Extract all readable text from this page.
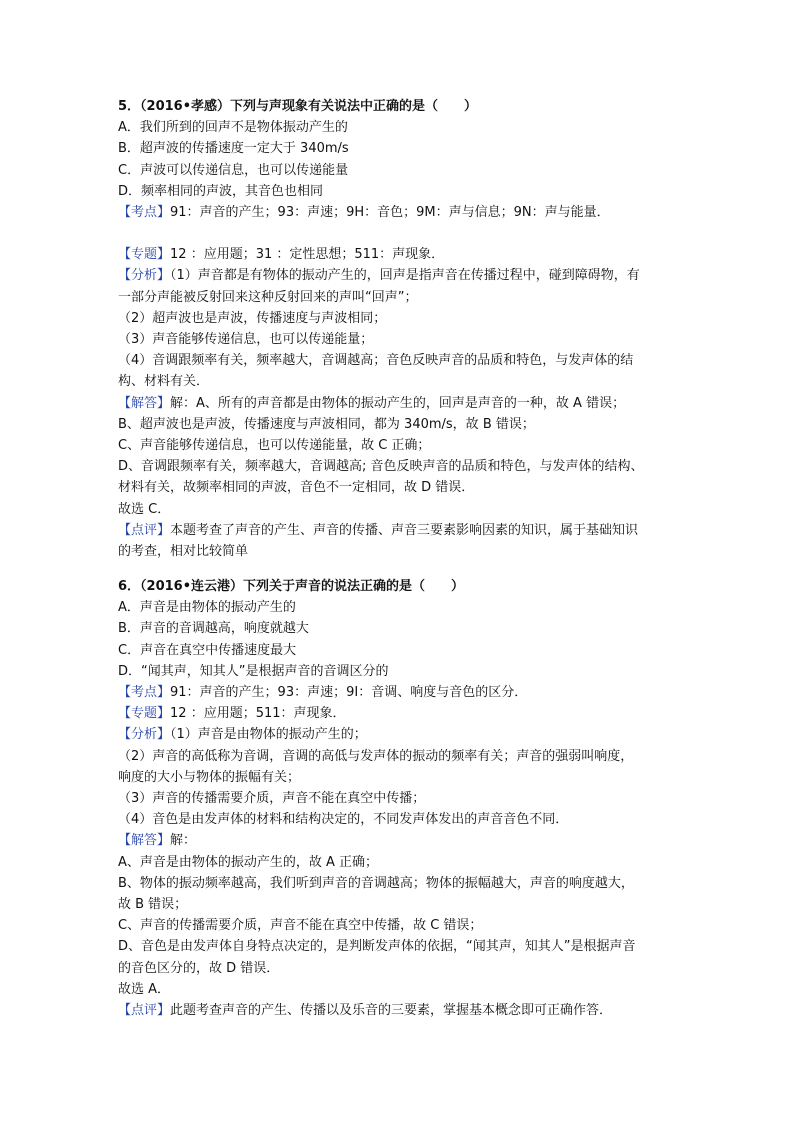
5．（2016•孝感）下列与声现象有关说法中正确的是（　　）

A．我们所到的回声不是物体振动产生的

B．超声波的传播速度一定大于 340m/s

C．声波可以传递信息，也可以传递能量

D．频率相同的声波，其音色也相同

【考点】91：声音的产生；93：声速；9H：音色；9M：声与信息；9N：声与能量．

【专题】12 ：应用题；31 ：定性思想；511：声现象．

【分析】（1）声音都是有物体的振动产生的，回声是指声音在传播过程中，碰到障碍物，有

一部分声能被反射回来这种反射回来的声叫“回声”；

（2）超声波也是声波，传播速度与声波相同；

（3）声音能够传递信息，也可以传递能量；

（4）音调跟频率有关，频率越大，音调越高；音色反映声音的品质和特色，与发声体的结

构、材料有关．

【解答】解：A、所有的声音都是由物体的振动产生的，回声是声音的一种，故 A 错误；

B、超声波也是声波，传播速度与声波相同，都为 340m/s，故 B 错误；

C、声音能够传递信息，也可以传递能量，故 C 正确；

D、音调跟频率有关，频率越大，音调越高; 音色反映声音的品质和特色，与发声体的结构、

材料有关，故频率相同的声波，音色不一定相同，故 D 错误．

故选 C．

【点评】本题考查了声音的产生、声音的传播、声音三要素影响因素的知识，属于基础知识

的考查，相对比较简单

6．（2016•连云港）下列关于声音的说法正确的是（　　）

A．声音是由物体的振动产生的

B．声音的音调越高，响度就越大

C．声音在真空中传播速度最大

D．“闻其声，知其人”是根据声音的音调区分的

【考点】91：声音的产生；93：声速；9I：音调、响度与音色的区分．

【专题】12 ：应用题；511：声现象．

【分析】（1）声音是由物体的振动产生的；

（2）声音的高低称为音调，音调的高低与发声体的振动的频率有关；声音的强弱叫响度，

响度的大小与物体的振幅有关；

（3）声音的传播需要介质，声音不能在真空中传播；

（4）音色是由发声体的材料和结构决定的，不同发声体发出的声音音色不同．

【解答】解：

A、声音是由物体的振动产生的，故 A 正确；

B、物体的振动频率越高，我们听到声音的音调越高；物体的振幅越大，声音的响度越大，

故 B 错误；

C、声音的传播需要介质，声音不能在真空中传播，故 C 错误；

D、音色是由发声体自身特点决定的，是判断发声体的依据，“闻其声，知其人”是根据声音

的音色区分的，故 D 错误．

故选 A．

【点评】此题考查声音的产生、传播以及乐音的三要素，掌握基本概念即可正确作答．
